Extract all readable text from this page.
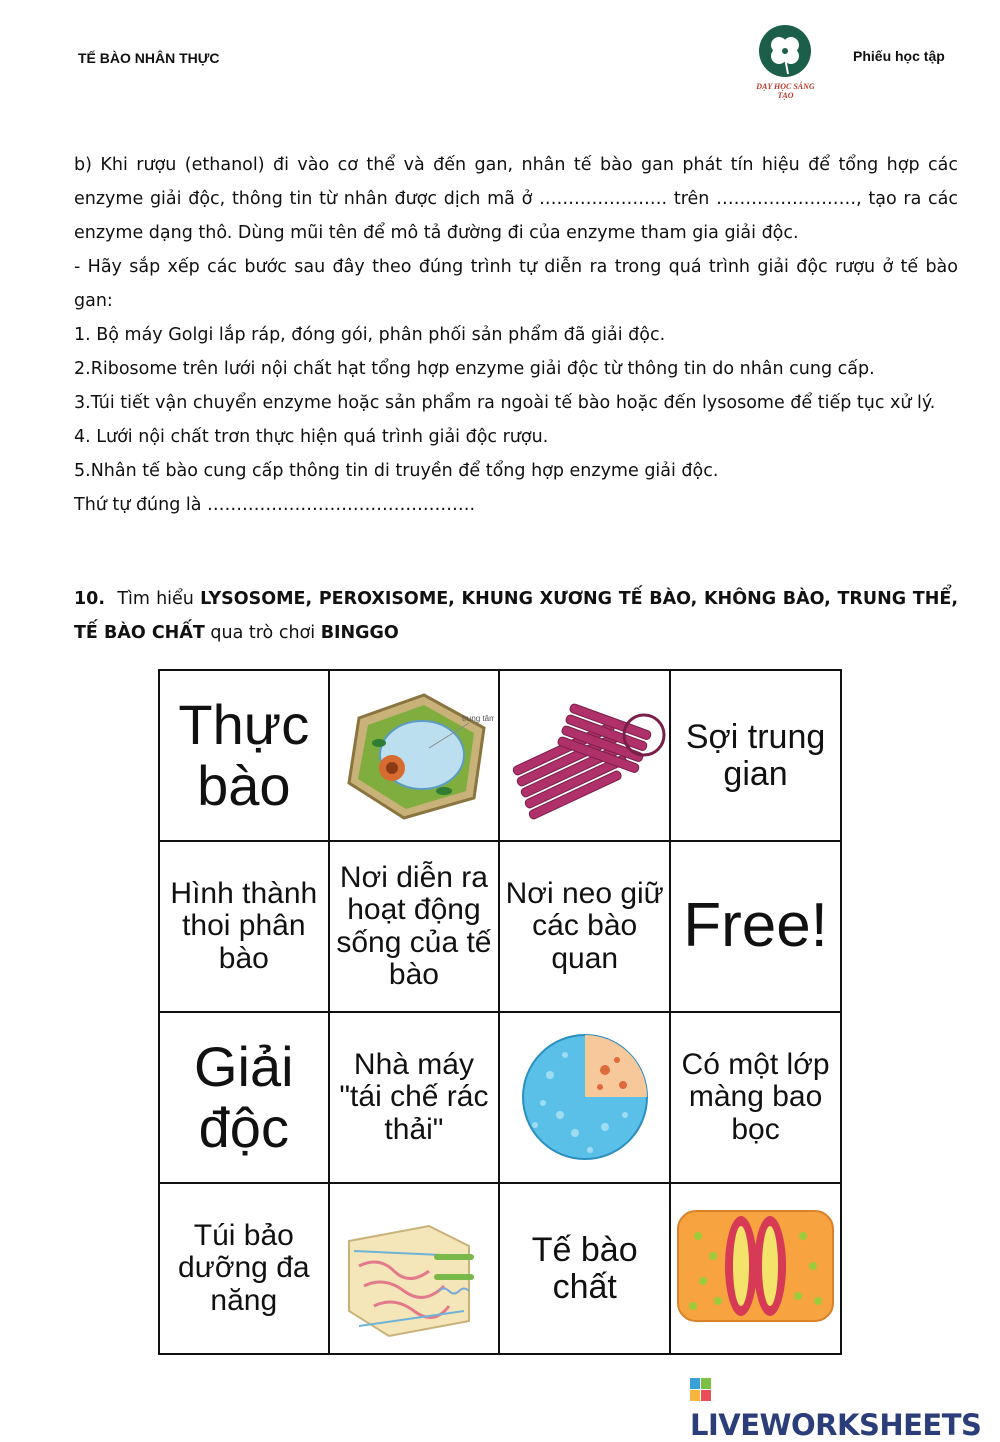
TẾ BÀO NHÂN THỰC
DẠY HỌC SÁNG TẠO
Phiếu học tập
b) Khi rượu (ethanol) đi vào cơ thể và đến gan, nhân tế bào gan phát tín hiệu để tổng hợp các enzyme giải độc, thông tin từ nhân được dịch mã ở …………………. trên ……………………, tạo ra các enzyme dạng thô. Dùng mũi tên để mô tả đường đi của enzyme tham gia giải độc.
- Hãy sắp xếp các bước sau đây theo đúng trình tự diễn ra trong quá trình giải độc rượu ở tế bào gan:
1. Bộ máy Golgi lắp ráp, đóng gói, phân phối sản phẩm đã giải độc.
2.Ribosome trên lưới nội chất hạt tổng hợp enzyme giải độc từ thông tin do nhân cung cấp.
3.Túi tiết vận chuyển enzyme hoặc sản phẩm ra ngoài tế bào hoặc đến lysosome để tiếp tục xử lý.
4. Lưới nội chất trơn thực hiện quá trình giải độc rượu.
5.Nhân tế bào cung cấp thông tin di truyền để tổng hợp enzyme giải độc.
Thứ tự đúng là ……………………………………….
10. Tìm hiểu LYSOSOME, PEROXISOME, KHUNG XƯƠNG TẾ BÀO, KHÔNG BÀO, TRUNG THỂ, TẾ BÀO CHẤT qua trò chơi BINGGO
Thực bào	trung tâm		Sợi trung gian

Hình thành thoi phân bào	Nơi diễn ra hoạt động sống của tế bào	Nơi neo giữ các bào quan	Free!

Giải độc	Nhà máy "tái chế rác thải"		Có một lớp màng bao bọc

Túi bảo dưỡng đa năng		Tế bào chất

LIVEWORKSHEETS
